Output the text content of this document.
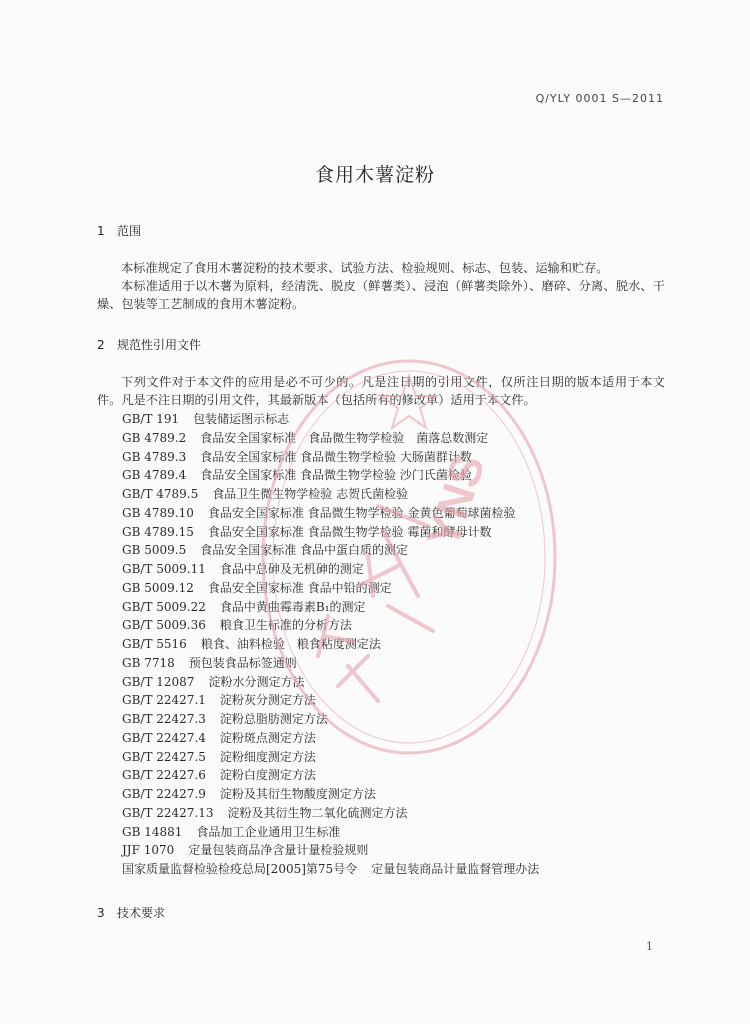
Q/YLY 0001 S—2011
食用木薯淀粉
1 范围
本标准规定了食用木薯淀粉的技术要求、试验方法、检验规则、标志、包装、运输和贮存。
本标准适用于以木薯为原料，经清洗、脱皮（鲜薯类）、浸泡（鲜薯类除外）、磨碎、分离、脱水、干燥、包装等工艺制成的食用木薯淀粉。
2 规范性引用文件
下列文件对于本文件的应用是必不可少的。凡是注日期的引用文件，仅所注日期的版本适用于本文件。凡是不注日期的引用文件，其最新版本（包括所有的修改单）适用于本文件。
GB/T 191 包装储运图示标志
GB 4789.2 食品安全国家标准　食品微生物学检验　菌落总数测定
GB 4789.3 食品安全国家标准 食品微生物学检验 大肠菌群计数
GB 4789.4 食品安全国家标准 食品微生物学检验 沙门氏菌检验
GB/T 4789.5 食品卫生微生物学检验 志贺氏菌检验
GB 4789.10 食品安全国家标准 食品微生物学检验 金黄色葡萄球菌检验
GB 4789.15 食品安全国家标准 食品微生物学检验 霉菌和酵母计数
GB 5009.5 食品安全国家标准 食品中蛋白质的测定
GB/T 5009.11 食品中总砷及无机砷的测定
GB 5009.12 食品安全国家标准 食品中铅的测定
GB/T 5009.22 食品中黄曲霉毒素B₁的测定
GB/T 5009.36 粮食卫生标准的分析方法
GB/T 5516 粮食、油料检验　粮食粘度测定法
GB 7718 预包装食品标签通则
GB/T 12087 淀粉水分测定方法
GB/T 22427.1 淀粉灰分测定方法
GB/T 22427.3 淀粉总脂肪测定方法
GB/T 22427.4 淀粉斑点测定方法
GB/T 22427.5 淀粉细度测定方法
GB/T 22427.6 淀粉白度测定方法
GB/T 22427.9 淀粉及其衍生物酸度测定方法
GB/T 22427.13 淀粉及其衍生物二氧化硫测定方法
GB 14881 食品加工企业通用卫生标准
JJF 1070 定量包装商品净含量计量检验规则
国家质量监督检验检疫总局[2005]第75号令 定量包装商品计量监督管理办法
3 技术要求
1
YNS
